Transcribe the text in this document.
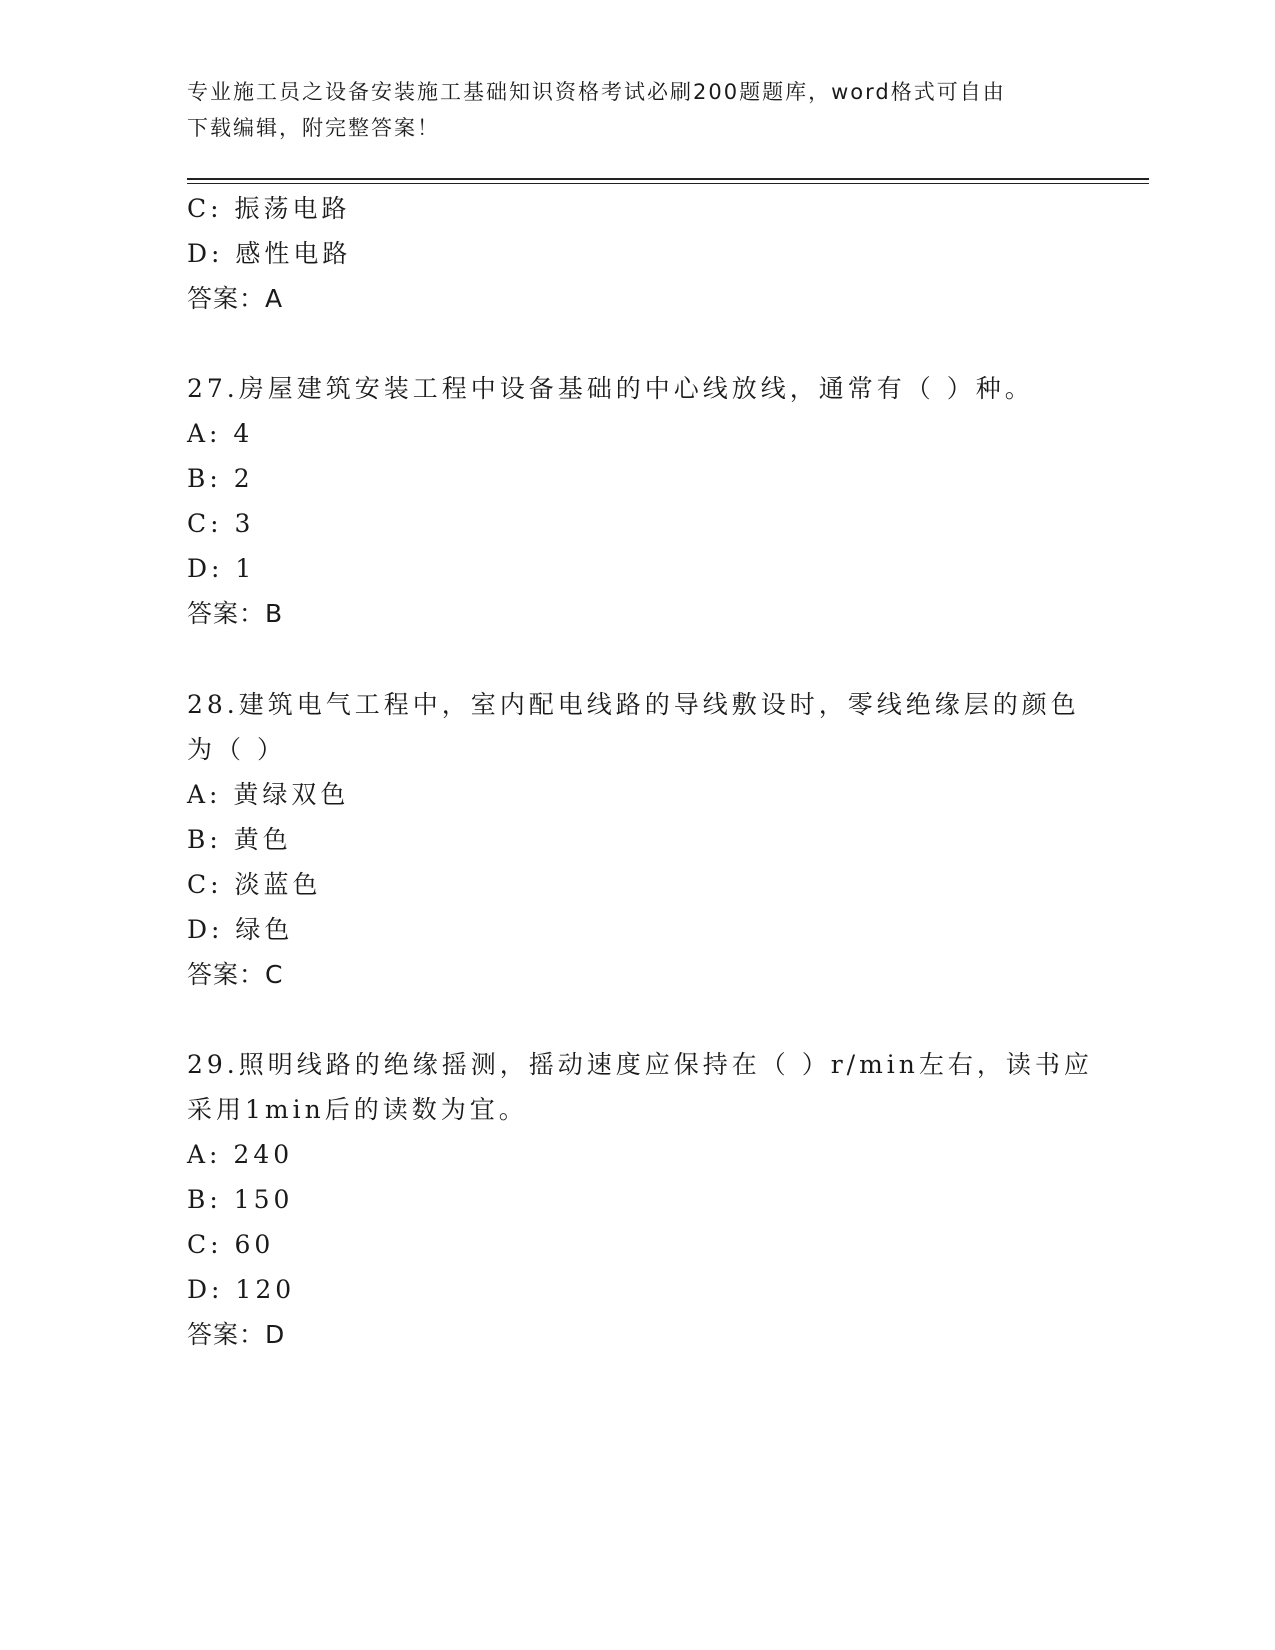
专业施工员之设备安装施工基础知识资格考试必刷200题题库，word格式可自由
下载编辑，附完整答案！
C: 振荡电路
D: 感性电路
答案：A
27.房屋建筑安装工程中设备基础的中心线放线，通常有（ ）种。
A: 4
B: 2
C: 3
D: 1
答案：B
28.建筑电气工程中，室内配电线路的导线敷设时，零线绝缘层的颜色
为（ ）
A: 黄绿双色
B: 黄色
C: 淡蓝色
D: 绿色
答案：C
29.照明线路的绝缘摇测，摇动速度应保持在（ ）r/min左右，读书应
采用1min后的读数为宜。
A: 240
B: 150
C: 60
D: 120
答案：D
